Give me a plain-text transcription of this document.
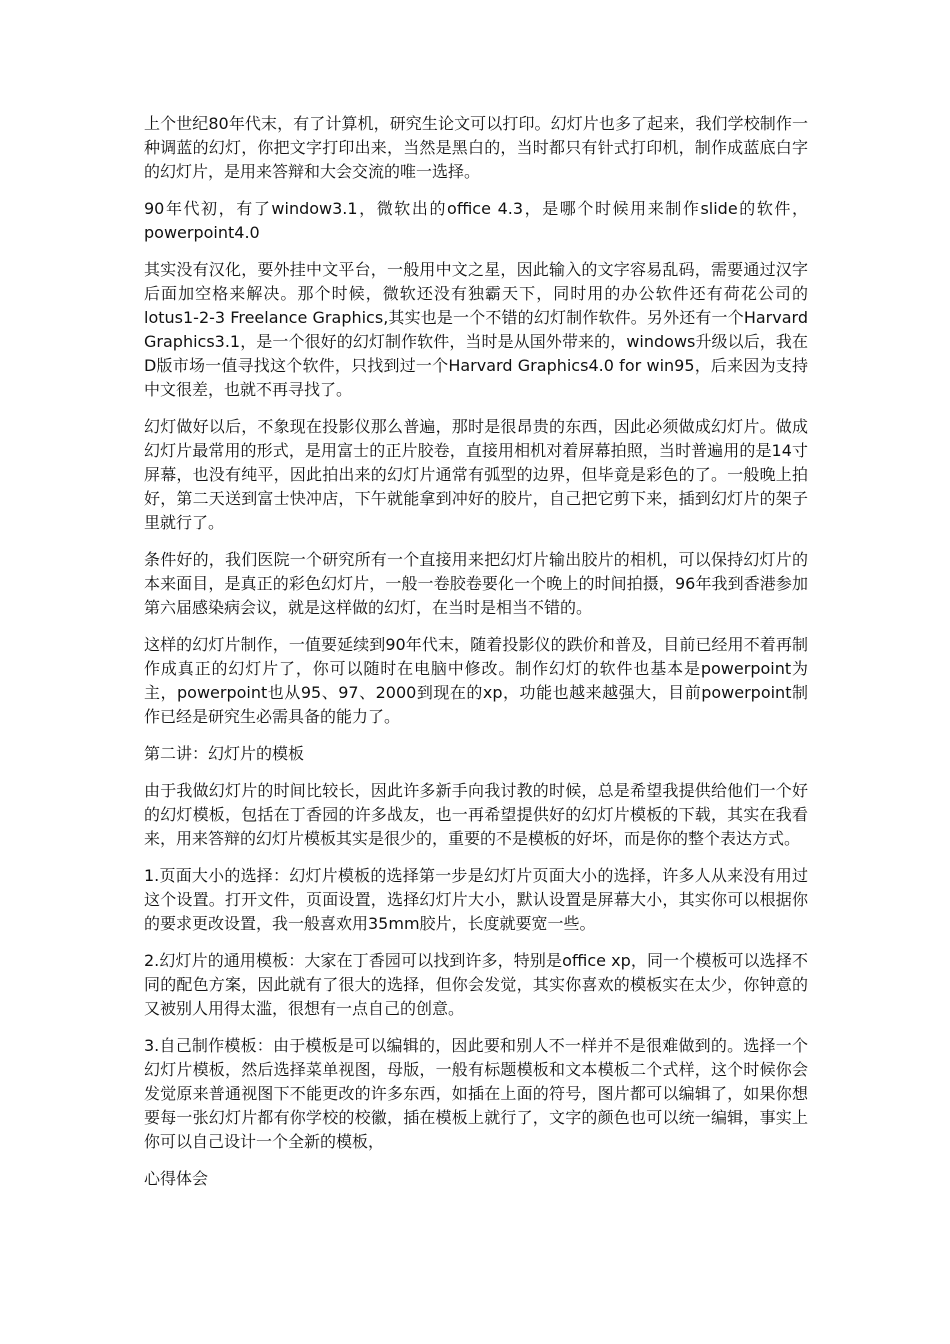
上个世纪80年代末，有了计算机，研究生论文可以打印。幻灯片也多了起来，我们学校制作一种调蓝的幻灯，你把文字打印出来，当然是黑白的，当时都只有针式打印机，制作成蓝底白字的幻灯片，是用来答辩和大会交流的唯一选择。

90年代初，有了window3.1，微软出的office 4.3，是哪个时候用来制作slide的软件，powerpoint4.0

其实没有汉化，要外挂中文平台，一般用中文之星，因此输入的文字容易乱码，需要通过汉字后面加空格来解决。那个时候，微软还没有独霸天下，同时用的办公软件还有荷花公司的lotus1-2-3 Freelance Graphics,其实也是一个不错的幻灯制作软件。另外还有一个Harvard Graphics3.1，是一个很好的幻灯制作软件，当时是从国外带来的，windows升级以后，我在D版市场一值寻找这个软件，只找到过一个Harvard Graphics4.0 for win95，后来因为支持中文很差，也就不再寻找了。

幻灯做好以后，不象现在投影仪那么普遍，那时是很昂贵的东西，因此必须做成幻灯片。做成幻灯片最常用的形式，是用富士的正片胶卷，直接用相机对着屏幕拍照，当时普遍用的是14寸屏幕，也没有纯平，因此拍出来的幻灯片通常有弧型的边界，但毕竟是彩色的了。一般晚上拍好，第二天送到富士快冲店，下午就能拿到冲好的胶片，自己把它剪下来，插到幻灯片的架子里就行了。

条件好的，我们医院一个研究所有一个直接用来把幻灯片输出胶片的相机，可以保持幻灯片的本来面目，是真正的彩色幻灯片，一般一卷胶卷要化一个晚上的时间拍摄，96年我到香港参加第六届感染病会议，就是这样做的幻灯，在当时是相当不错的。

这样的幻灯片制作，一值要延续到90年代末，随着投影仪的跌价和普及，目前已经用不着再制作成真正的幻灯片了，你可以随时在电脑中修改。制作幻灯的软件也基本是powerpoint为主，powerpoint也从95、97、2000到现在的xp，功能也越来越强大，目前powerpoint制作已经是研究生必需具备的能力了。

第二讲：幻灯片的模板

由于我做幻灯片的时间比较长，因此许多新手向我讨教的时候，总是希望我提供给他们一个好的幻灯模板，包括在丁香园的许多战友，也一再希望提供好的幻灯片模板的下载，其实在我看来，用来答辩的幻灯片模板其实是很少的，重要的不是模板的好坏，而是你的整个表达方式。

1.页面大小的选择：幻灯片模板的选择第一步是幻灯片页面大小的选择，许多人从来没有用过这个设置。打开文件，页面设置，选择幻灯片大小，默认设置是屏幕大小，其实你可以根据你的要求更改设置，我一般喜欢用35mm胶片，长度就要宽一些。

2.幻灯片的通用模板：大家在丁香园可以找到许多，特别是office xp，同一个模板可以选择不同的配色方案，因此就有了很大的选择，但你会发觉，其实你喜欢的模板实在太少，你钟意的又被别人用得太滥，很想有一点自己的创意。

3.自己制作模板：由于模板是可以编辑的，因此要和别人不一样并不是很难做到的。选择一个幻灯片模板，然后选择菜单视图，母版，一般有标题模板和文本模板二个式样，这个时候你会发觉原来普通视图下不能更改的许多东西，如插在上面的符号，图片都可以编辑了，如果你想要每一张幻灯片都有你学校的校徽，插在模板上就行了，文字的颜色也可以统一编辑，事实上你可以自己设计一个全新的模板，

心得体会
